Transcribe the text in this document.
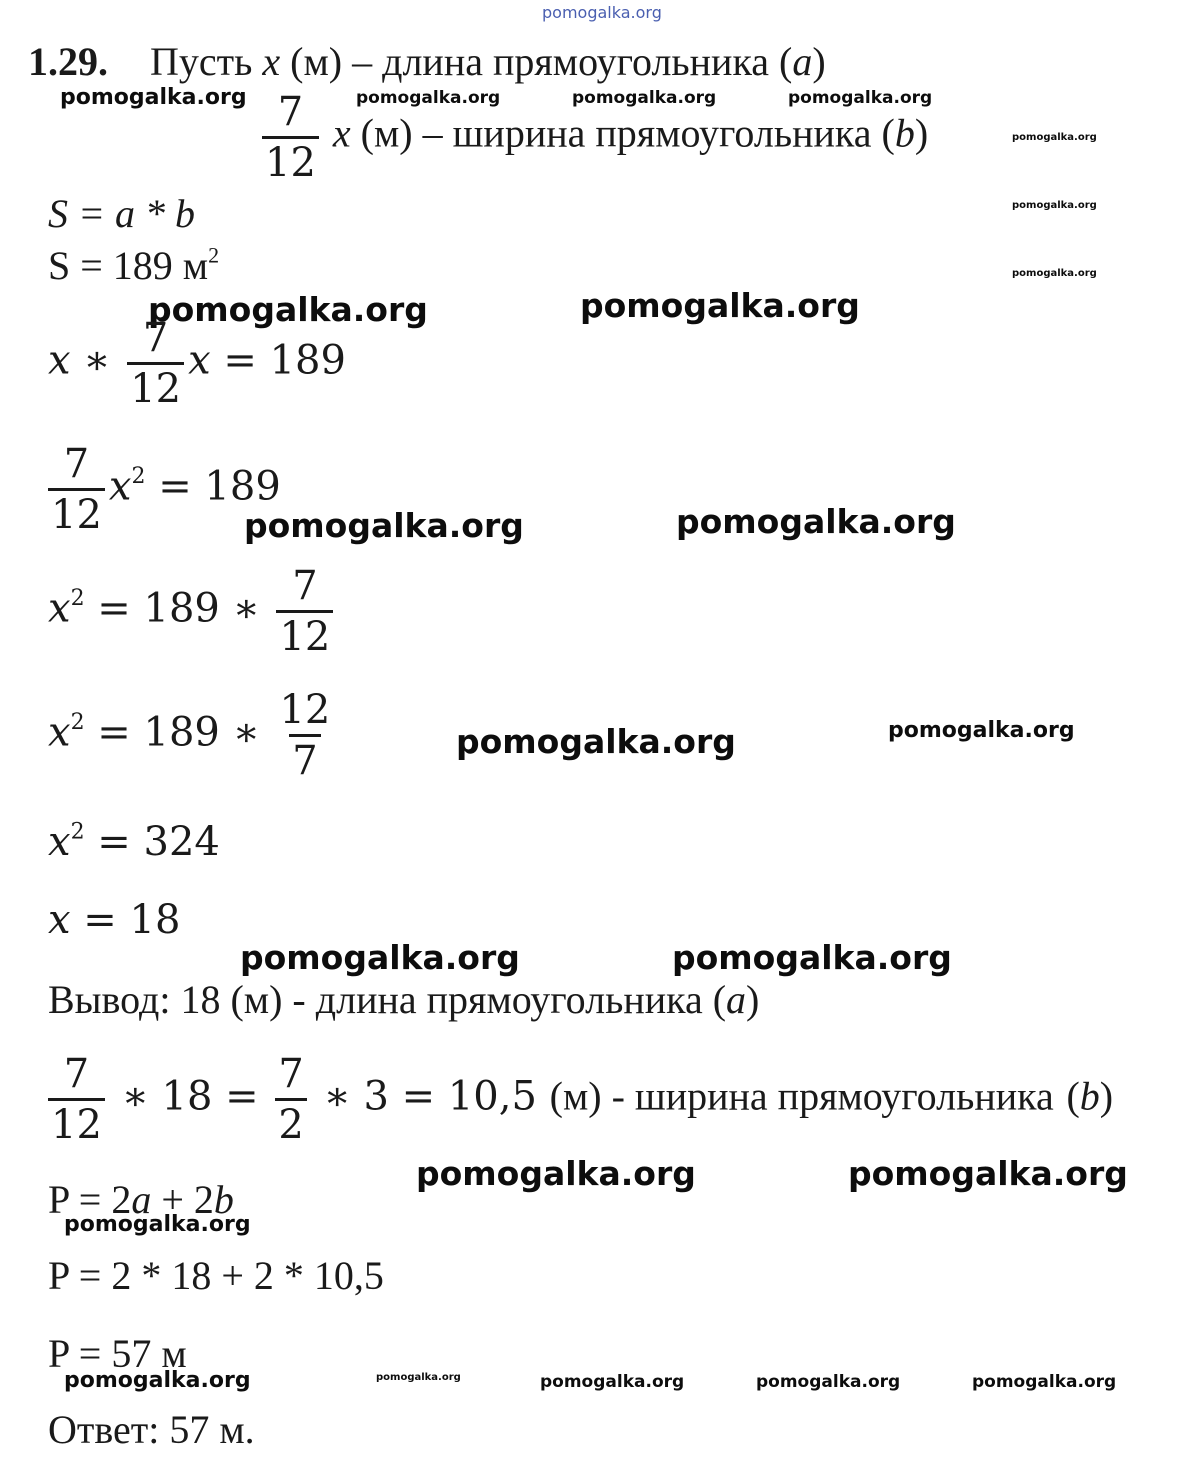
pomogalka.org
pomogalka.org	pomogalka.org	pomogalka.org	pomogalka.org
pomogalka.org
pomogalka.org
pomogalka.org
pomogalka.org	pomogalka.org
pomogalka.org	pomogalka.org
pomogalka.org	pomogalka.org
pomogalka.org	pomogalka.org
pomogalka.org	pomogalka.org
pomogalka.org
pomogalka.org	pomogalka.org	pomogalka.org	pomogalka.org	pomogalka.org
1.29. Пусть x (м) – длина прямоугольника (a)
$\frac{7}{12}$ x (м) – ширина прямоугольника (b)
S = a * b
S = 189 $м^2$
x ∗ $\frac{7}{12}$ x = 189
$\frac{7}{12} x^2 = 189$
$x^2 = 189$ ∗ $\frac{7}{12}$
$x^2 = 189$ ∗ $\frac{12}{7}$
$x^2 = 324$
x = 18
Вывод: 18 (м) - длина прямоугольника (a)
$\frac{7}{12}$ ∗ $18 = \frac{7}{2}$ ∗ 3 = 10,5 (м) - ширина прямоугольника (b)
P = 2a + 2b
P = 2 * 18 + 2 * 10,5
P = 57 м
Ответ: 57 м.
